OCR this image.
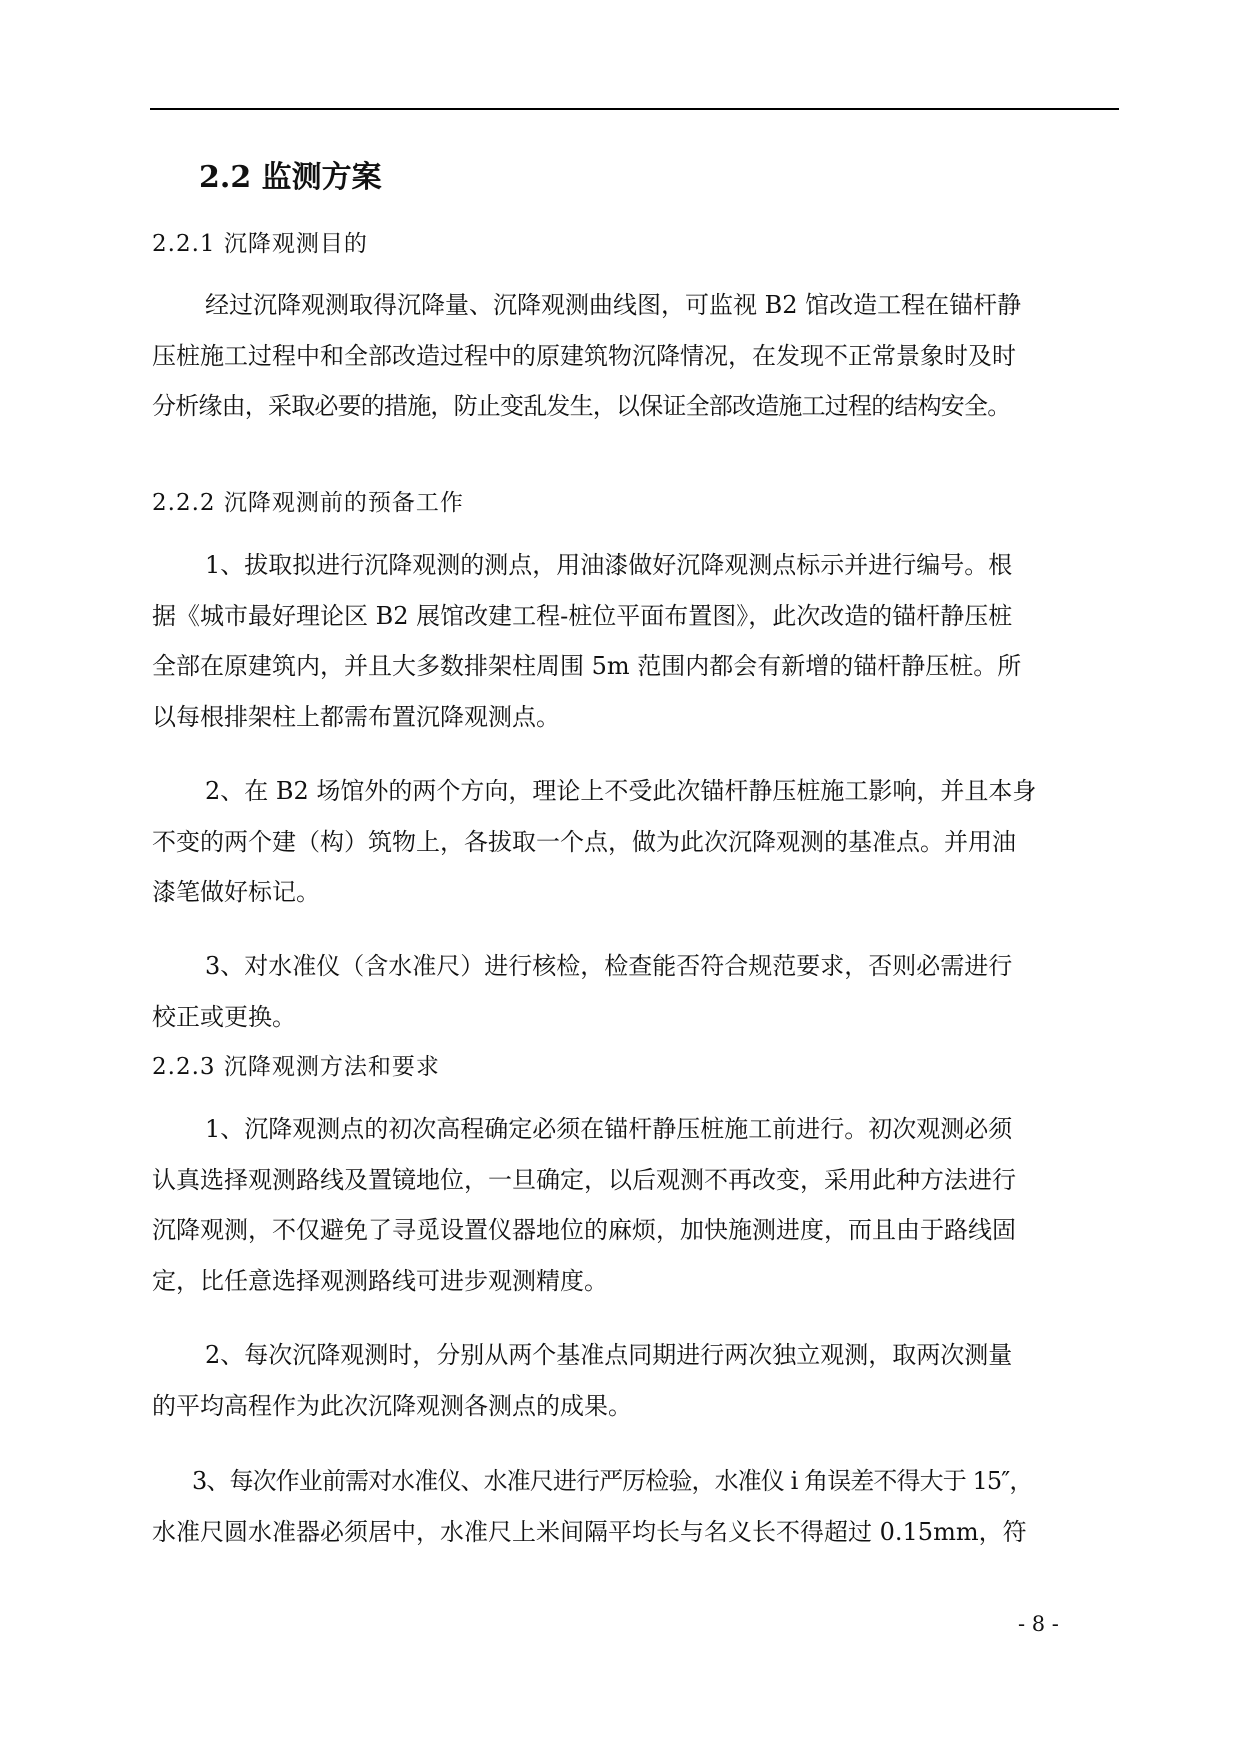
2.2 监测方案
2.2.1 沉降观测目的
经过沉降观测取得沉降量、沉降观测曲线图，可监视 B2 馆改造工程在锚杆静
压桩施工过程中和全部改造过程中的原建筑物沉降情况，在发现不正常景象时及时
分析缘由，采取必要的措施，防止变乱发生，以保证全部改造施工过程的结构安全。
2.2.2 沉降观测前的预备工作
1、拔取拟进行沉降观测的测点，用油漆做好沉降观测点标示并进行编号。根
据《城市最好理论区 B2 展馆改建工程-桩位平面布置图》，此次改造的锚杆静压桩
全部在原建筑内，并且大多数排架柱周围 5m 范围内都会有新增的锚杆静压桩。所
以每根排架柱上都需布置沉降观测点。
2、在 B2 场馆外的两个方向，理论上不受此次锚杆静压桩施工影响，并且本身
不变的两个建（构）筑物上，各拔取一个点，做为此次沉降观测的基准点。并用油
漆笔做好标记。
3、对水准仪（含水准尺）进行核检，检查能否符合规范要求，否则必需进行
校正或更换。
2.2.3 沉降观测方法和要求
1、沉降观测点的初次高程确定必须在锚杆静压桩施工前进行。初次观测必须
认真选择观测路线及置镜地位，一旦确定，以后观测不再改变，采用此种方法进行
沉降观测，不仅避免了寻觅设置仪器地位的麻烦，加快施测进度，而且由于路线固
定，比任意选择观测路线可进步观测精度。
2、每次沉降观测时，分别从两个基准点同期进行两次独立观测，取两次测量
的平均高程作为此次沉降观测各测点的成果。
3、每次作业前需对水准仪、水准尺进行严厉检验，水准仪 i 角误差不得大于 15″，
水准尺圆水准器必须居中，水准尺上米间隔平均长与名义长不得超过 0.15mm，符
- 8 -
